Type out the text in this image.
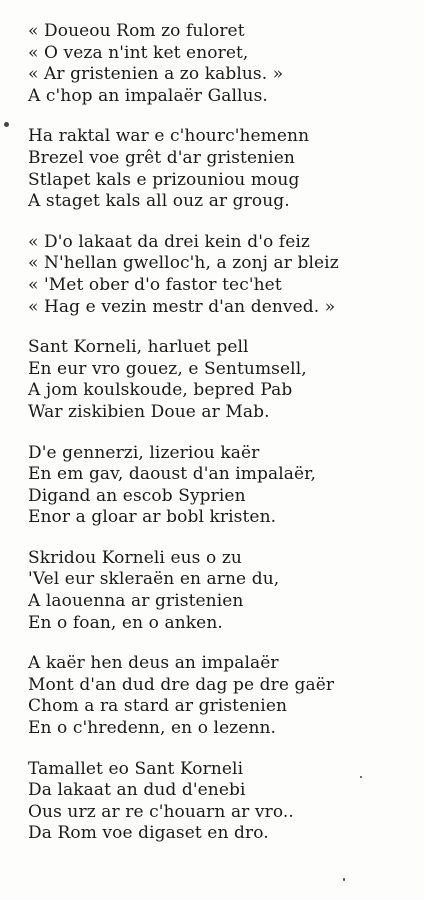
« Doueou Rom zo fuloret
« O veza n'int ket enoret,
« Ar gristenien a zo kablus. »
A c'hop an impalaër Gallus.
Ha raktal war e c'hourc'hemenn
Brezel voe grêt d'ar gristenien
Stlapet kals e prizouniou moug
A staget kals all ouz ar groug.
« D'o lakaat da drei kein d'o feiz
« N'hellan gwelloc'h, a zonj ar bleiz
« 'Met ober d'o fastor tec'het
« Hag e vezin mestr d'an denved. »
Sant Korneli, harluet pell
En eur vro gouez, e Sentumsell,
A jom koulskoude, bepred Pab
War ziskibien Doue ar Mab.
D'e gennerzi, lizeriou kaër
En em gav, daoust d'an impalaër,
Digand an escob Syprien
Enor a gloar ar bobl kristen.
Skridou Korneli eus o zu
'Vel eur skleraën en arne du,
A laouenna ar gristenien
En o foan, en o anken.
A kaër hen deus an impalaër
Mont d'an dud dre dag pe dre gaër
Chom a ra stard ar gristenien
En o c'hredenn, en o lezenn.
Tamallet eo Sant Korneli
Da lakaat an dud d'enebi
Ous urz ar re c'houarn ar vro..
Da Rom voe digaset en dro.
